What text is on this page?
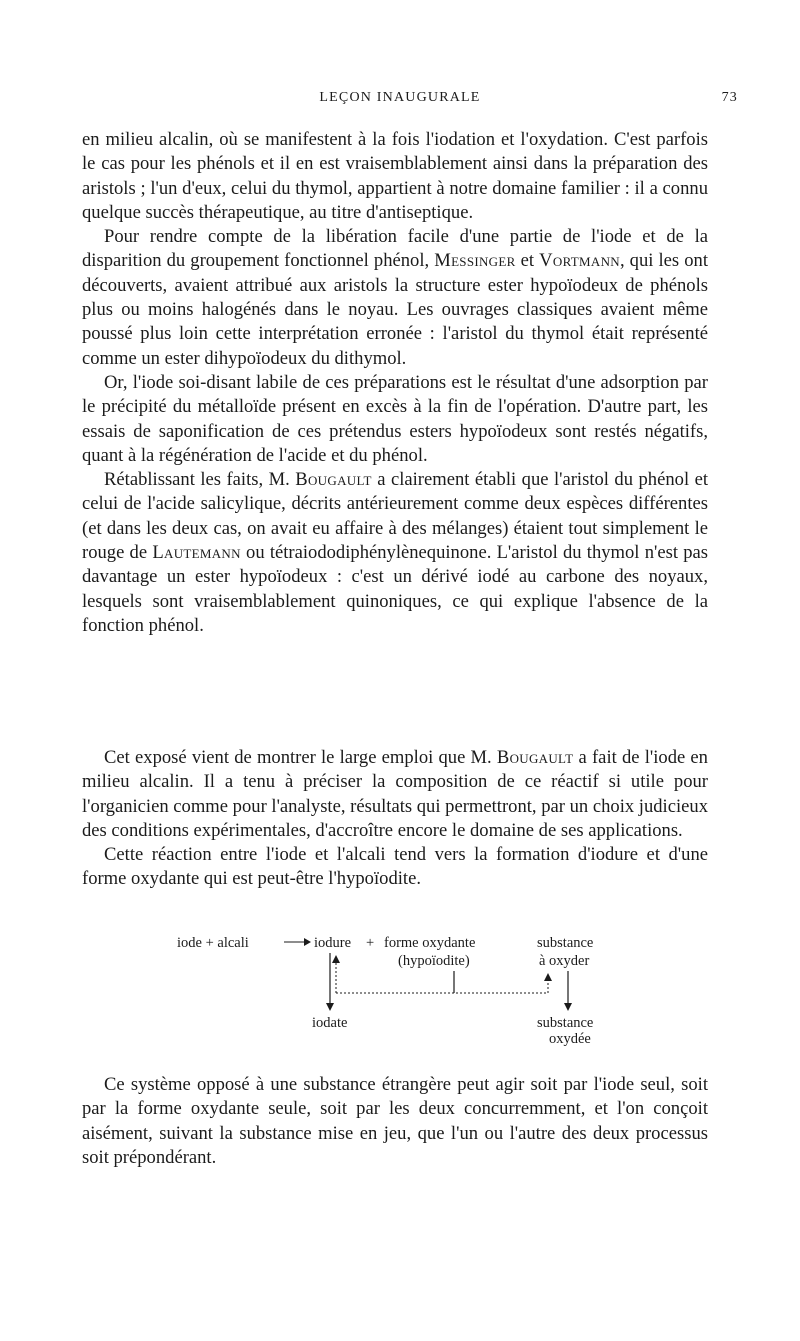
LEÇON INAUGURALE	73

en milieu alcalin, où se manifestent à la fois l'iodation et l'oxydation. C'est parfois le cas pour les phénols et il en est vraisemblablement ainsi dans la préparation des aristols ; l'un d'eux, celui du thymol, appartient à notre domaine familier : il a connu quelque succès thérapeutique, au titre d'antiseptique.

Pour rendre compte de la libération facile d'une partie de l'iode et de la disparition du groupement fonctionnel phénol, Messinger et Vortmann, qui les ont découverts, avaient attribué aux aristols la structure ester hypoïodeux de phénols plus ou moins halogénés dans le noyau. Les ouvrages classiques avaient même poussé plus loin cette interprétation erronée : l'aristol du thymol était représenté comme un ester dihypoïodeux du dithymol.

Or, l'iode soi-disant labile de ces préparations est le résultat d'une adsorption par le précipité du métalloïde présent en excès à la fin de l'opération. D'autre part, les essais de saponification de ces prétendus esters hypoïodeux sont restés négatifs, quant à la régénération de l'acide et du phénol.

Rétablissant les faits, M. Bougault a clairement établi que l'aristol du phénol et celui de l'acide salicylique, décrits antérieurement comme deux espèces différentes (et dans les deux cas, on avait eu affaire à des mélanges) étaient tout simplement le rouge de Lautemann ou tétraiododiphénylènequinone. L'aristol du thymol n'est pas davantage un ester hypoïodeux : c'est un dérivé iodé au carbone des noyaux, lesquels sont vraisemblablement quinoniques, ce qui explique l'absence de la fonction phénol.

Cet exposé vient de montrer le large emploi que M. Bougault a fait de l'iode en milieu alcalin. Il a tenu à préciser la composition de ce réactif si utile pour l'organicien comme pour l'analyste, résultats qui permettront, par un choix judicieux des conditions expérimentales, d'accroître encore le domaine de ses applications.

Cette réaction entre l'iode et l'alcali tend vers la formation d'iodure et d'une forme oxydante qui est peut-être l'hypoïodite.

iode + alcali	iodure + forme oxydante
(hypoïodite)
substance
à oxyder
iodate	substance
oxydée

Ce système opposé à une substance étrangère peut agir soit par l'iode seul, soit par la forme oxydante seule, soit par les deux concurremment, et l'on conçoit aisément, suivant la substance mise en jeu, que l'un ou l'autre des deux processus soit prépondérant.
